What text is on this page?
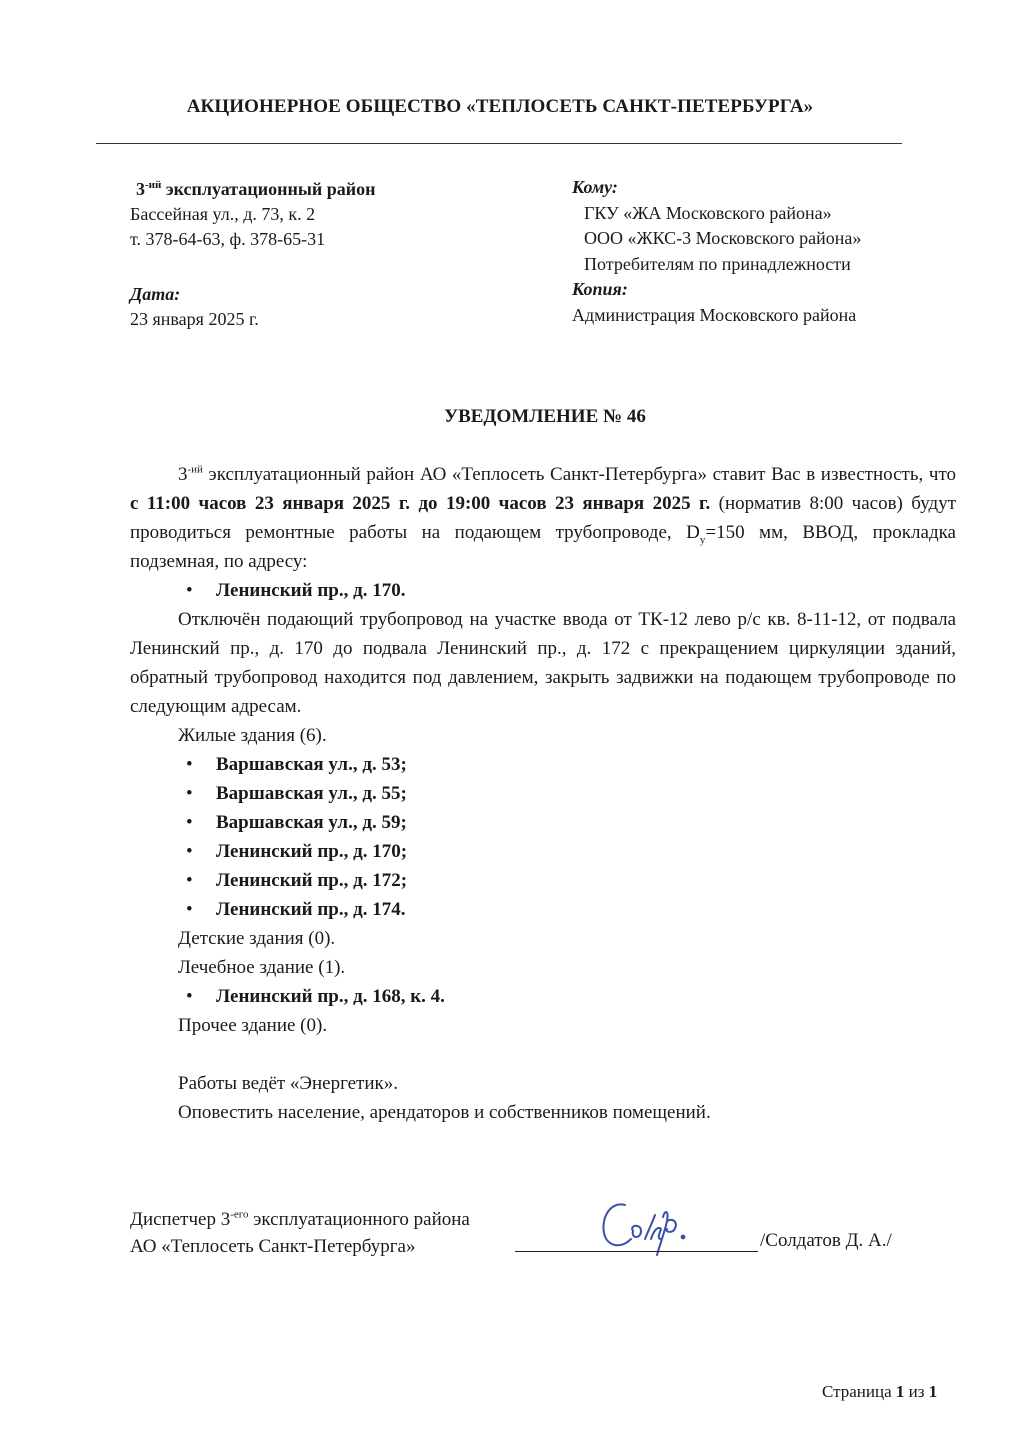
АКЦИОНЕРНОЕ ОБЩЕСТВО «ТЕПЛОСЕТЬ САНКТ-ПЕТЕРБУРГА»
$3^{-ий}$ эксплуатационный район
Бассейная ул., д. 73, к. 2
т. 378-64-63, ф. 378-65-31
Дата:
23 января 2025 г.
Кому:
ГКУ «ЖА Московского района»
ООО «ЖКС-3 Московского района»
Потребителям по принадлежности
Копия:
Администрация Московского района
УВЕДОМЛЕНИЕ № 46

$3^{-ий}$ эксплуатационный район АО «Теплосеть Санкт-Петербурга» ставит Вас в известность, что с 11:00 часов 23 января 2025 г. до 19:00 часов 23 января 2025 г. (норматив 8:00 часов) будут проводиться ремонтные работы на подающем трубопроводе, $D_у=150$ мм, ВВОД, прокладка подземная, по адресу:

• Ленинский пр., д. 170.

Отключён подающий трубопровод на участке ввода от ТК-12 лево р/с кв. 8-11-12, от подвала Ленинский пр., д. 170 до подвала Ленинский пр., д. 172 с прекращением циркуляции зданий, обратный трубопровод находится под давлением, закрыть задвижки на подающем трубопроводе по следующим адресам.

Жилые здания (6).

• Варшавская ул., д. 53;
• Варшавская ул., д. 55;
• Варшавская ул., д. 59;
• Ленинский пр., д. 170;
• Ленинский пр., д. 172;
• Ленинский пр., д. 174.

Детские здания (0).

Лечебное здание (1).

• Ленинский пр., д. 168, к. 4.

Прочее здание (0).

Работы ведёт «Энергетик».

Оповестить население, арендаторов и собственников помещений.

Диспетчер $3^{-его}$ эксплуатационного района
АО «Теплосеть Санкт-Петербурга»	/Солдатов Д. А./
Страница 1 из 1
